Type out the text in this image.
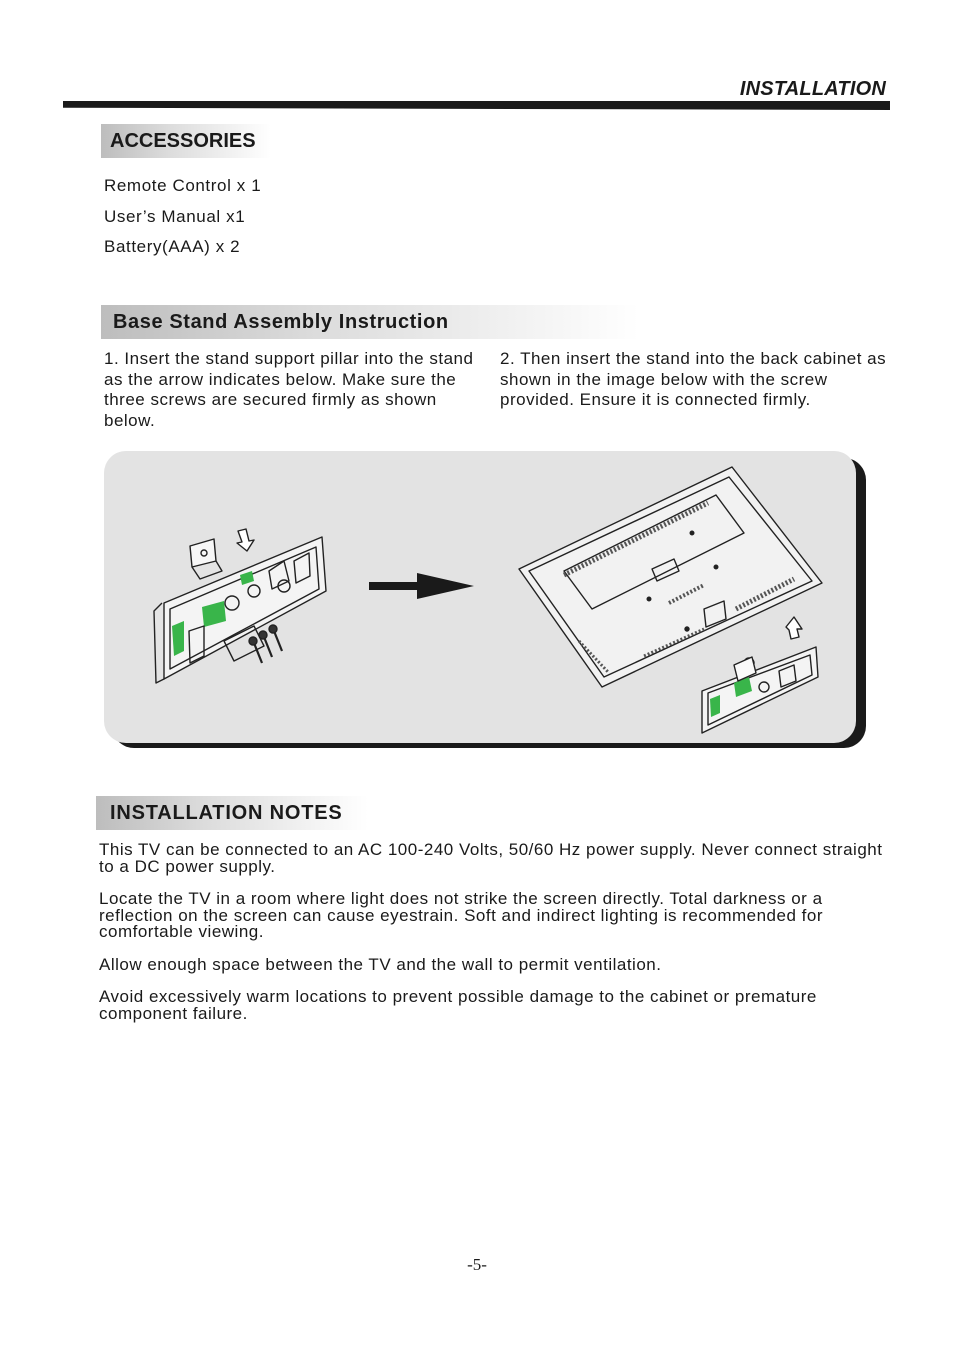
INSTALLATION
ACCESSORIES
Remote Control x 1
User’s Manual x1
Battery(AAA) x 2
Base Stand Assembly Instruction
1. Insert the stand support pillar into the stand as the arrow indicates below. Make sure the three screws are secured firmly as shown below.
2. Then insert the stand into the back cabinet as shown in the image below with the screw provided. Ensure it is connected firmly.
INSTALLATION NOTES

This TV can be connected to an AC 100-240 Volts, 50/60 Hz power supply. Never connect straight to a DC power supply.

Locate the TV in a room where light does not strike the screen directly. Total darkness or a reflection on the screen can cause eyestrain. Soft and indirect lighting is recommended for comfortable viewing.

Allow enough space between the TV and the wall to permit ventilation.

Avoid excessively warm locations to prevent possible damage to the cabinet or premature component failure.

-5-
